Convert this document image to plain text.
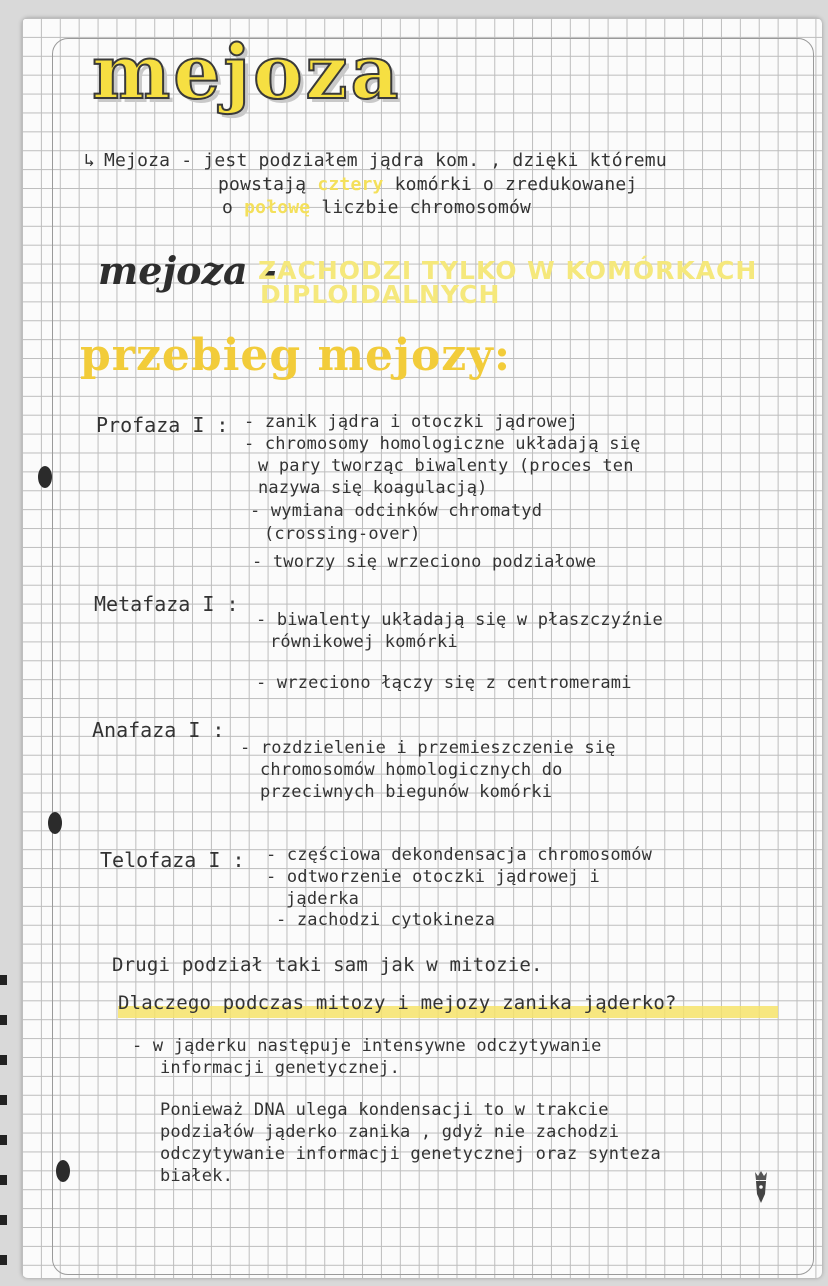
mejoza
↳ Mejoza - jest podziałem jądra kom. , dzięki któremu
powstają cztery komórki o zredukowanej
o połowę liczbie chromosomów
mejoza -
ZACHODZI TYLKO W KOMÓRKACH
DIPLOIDALNYCH
przebieg mejozy:
Profaza I : - zanik jądra i otoczki jądrowej
- chromosomy homologiczne układają się
w pary tworząc biwalenty (proces ten
nazywa się koagulacją)
- wymiana odcinków chromatyd
(crossing-over)
- tworzy się wrzeciono podziałowe
Metafaza I :
- biwalenty układają się w płaszczyźnie
równikowej komórki
- wrzeciono łączy się z centromerami
Anafaza I :
- rozdzielenie i przemieszczenie się
chromosomów homologicznych do
przeciwnych biegunów komórki
Telofaza I : - częściowa dekondensacja chromosomów
- odtworzenie otoczki jądrowej i
jąderka
- zachodzi cytokineza
Drugi podział taki sam jak w mitozie.
Dlaczego podczas mitozy i mejozy zanika jąderko?
- w jąderku następuje intensywne odczytywanie
informacji genetycznej.
Ponieważ DNA ulega kondensacji to w trakcie
podziałów jąderko zanika , gdyż nie zachodzi
odczytywanie informacji genetycznej oraz synteza
białek.
